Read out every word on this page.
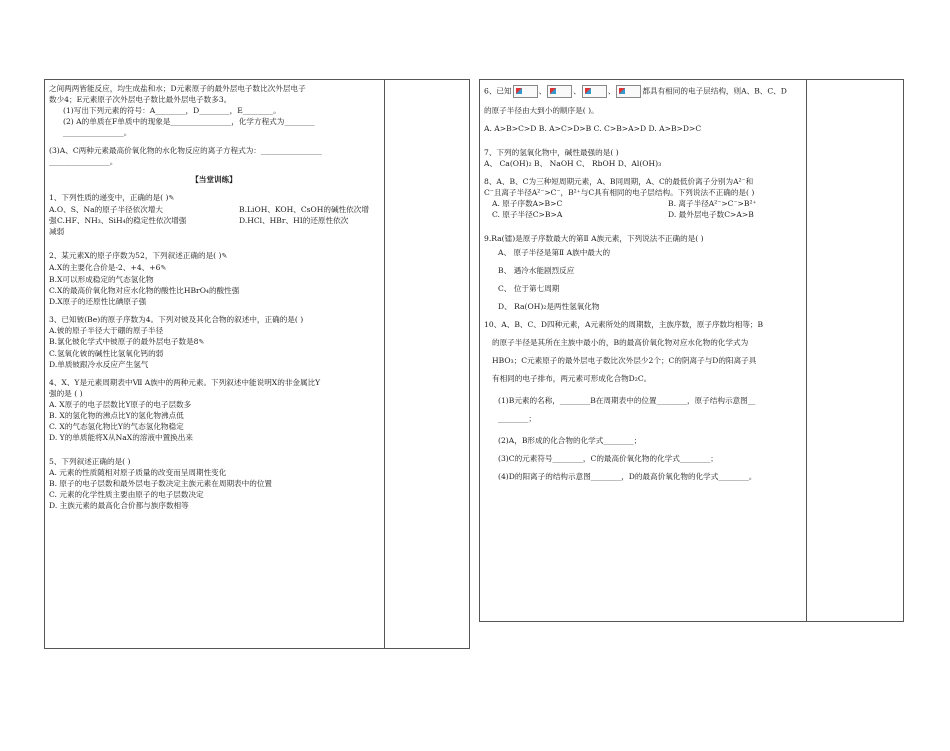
之间两两皆能反应，均生成盐和水；D元素原子的最外层电子数比次外层电子
数少4；E元素原子次外层电子数比最外层电子数多3。
(1)写出下列元素的符号：A________，D________，E________。
(2) A的单质在F单质中的现象是________________，化学方程式为________
________________。
(3)A、C两种元素最高价氧化物的水化物反应的离子方程式为：________________
________________。
【当堂训练】
1、下列性质的递变中，正确的是( )✎
A.O、S、Na的原子半径依次增大	B.LiOH、KOH、CsOH的碱性依次增
强 C.HF、NH₃、SiH₄的稳定性依次增强	D.HCl、HBr、HI的还原性依次
减弱
2、某元素X的原子序数为52，下列叙述正确的是( )✎
A.X的主要化合价是-2、+4、+6✎
B.X可以形成稳定的气态氢化物
C.X的最高价氧化物对应水化物的酸性比HBrO₄的酸性强
D.X原子的还原性比碘原子强
3、已知铍(Be)的原子序数为4。下列对铍及其化合物的叙述中，正确的是( )
A.铍的原子半径大于硼的原子半径
B.氯化铍化学式中铍原子的最外层电子数是8✎
C.氢氧化铍的碱性比氢氧化钙的弱
D.单质铍跟冷水反应产生氢气
4、X、Y是元素周期表中Ⅶ A族中的两种元素。下列叙述中能说明X的非金属比Y
强的是 ( )
A. X原子的电子层数比Y原子的电子层数多
B. X的氢化物的沸点比Y的氢化物沸点低
C. X的气态氢化物比Y的气态氢化物稳定
D. Y的单质能将X从NaX的溶液中置换出来
5、下列叙述正确的是( )
A. 元素的性质随相对原子质量的改变而呈周期性变化
B. 原子的电子层数和最外层电子数决定主族元素在周期表中的位置
C. 元素的化学性质主要由原子的电子层数决定
D. 主族元素的最高化合价都与族序数相等
6、已知	、	、	、	都具有相同的电子层结构，则A、B、C、D
的原子半径由大到小的顺序是( )。
A. A>B>C>D B. A>C>D>B C. C>B>A>D D. A>B>D>C
7、下列的氢氧化物中，碱性最强的是( )
A、 Ca(OH)₂ B、 NaOH C、 RbOH D、Al(OH)₃
8、A、B、C为三种短周期元素，A、B同周期，A、C的最低价离子分别为A²⁻和
C⁻且离子半径A²⁻>C⁻，B²⁺与C具有相同的电子层结构。下列说法不正确的是( )
A. 原子序数A>B>C	B. 离子半径A²⁻>C⁻>B²⁺
C. 原子半径C>B>A	D. 最外层电子数C>A>B
9.Ra(镭)是原子序数最大的第Ⅱ A族元素，下列说法不正确的是( )
A、 原子半径是第Ⅱ A族中最大的
B、 遇冷水能剧烈反应
C、 位于第七周期
D、 Ra(OH)₂是两性氢氧化物
10、A、B、C、D四种元素，A元素所处的周期数，主族序数，原子序数均相等；B
的原子半径是其所在主族中最小的，B的最高价氧化物对应水化物的化学式为
HBO₃；C元素原子的最外层电子数比次外层少2个；C的阴离子与D的阳离子具
有相同的电子排布，两元素可形成化合物D₂C。
(1)B元素的名称，________B在周期表中的位置________，原子结构示意图__
________；
(2)A，B形成的化合物的化学式________；
(3)C的元素符号________，C的最高价氧化物的化学式________；
(4)D的阳离子的结构示意图________，D的最高价氧化物的化学式________。
